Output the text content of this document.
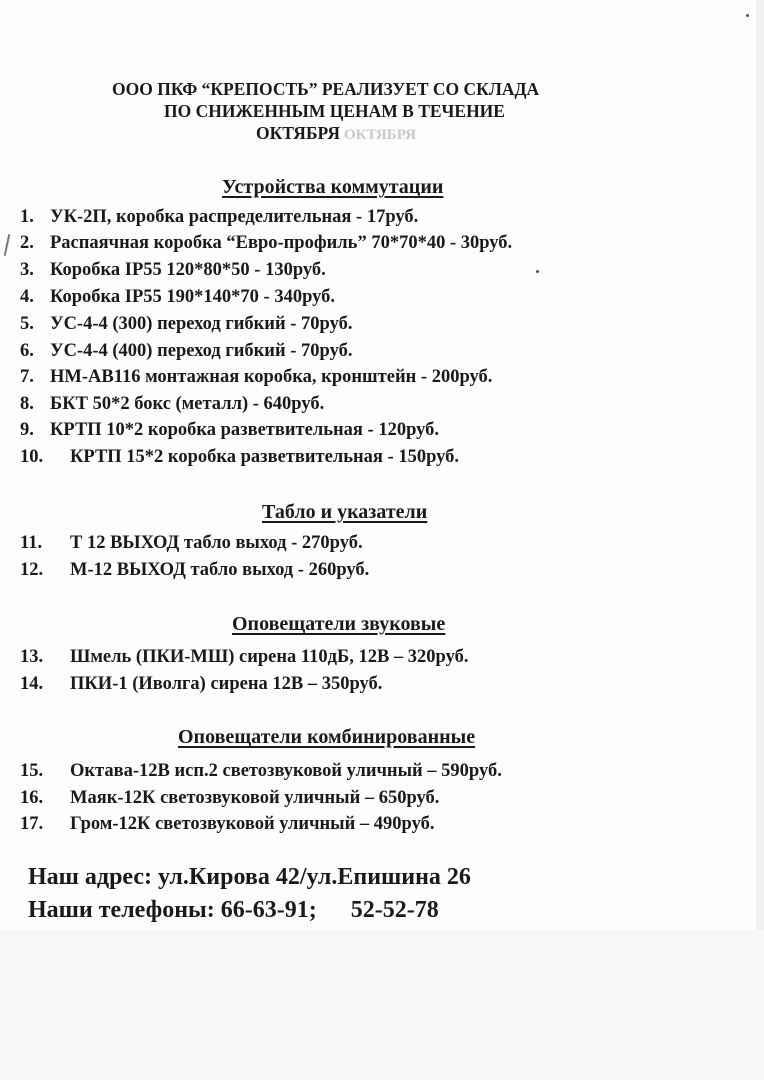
ООО ПКФ “КРЕПОСТЬ” РЕАЛИЗУЕТ СО СКЛАДА
ПО СНИЖЕННЫМ ЦЕНАМ В ТЕЧЕНИЕ
ОКТЯБРЯ ОКТЯБРЯ
Устройства коммутации
1. УК-2П, коробка распределительная - 17руб.
2. Распаячная коробка “Евро-профиль” 70*70*40 - 30руб.
3. Коробка IP55 120*80*50 - 130руб.
4. Коробка IP55 190*140*70 - 340руб.
5. УС-4-4 (300) переход гибкий - 70руб.
6. УС-4-4 (400) переход гибкий - 70руб.
7. НМ-АВ116 монтажная коробка, кронштейн - 200руб.
8. БКТ 50*2 бокс (металл) - 640руб.
9. КРТП 10*2 коробка разветвительная - 120руб.
10. КРТП 15*2 коробка разветвительная - 150руб.
Табло и указатели
11. Т 12 ВЫХОД табло выход - 270руб.
12. М-12 ВЫХОД табло выход - 260руб.
Оповещатели звуковые
13. Шмель (ПКИ-МШ) сирена 110дБ, 12В – 320руб.
14. ПКИ-1 (Иволга) сирена 12В – 350руб.
Оповещатели комбинированные
15. Октава-12В исп.2 светозвуковой уличный – 590руб.
16. Маяк-12К светозвуковой уличный – 650руб.
17. Гром-12К светозвуковой уличный – 490руб.
Наш адрес: ул.Кирова 42/ул.Епишина 26
Наши телефоны: 66-63-91; 52-52-78
